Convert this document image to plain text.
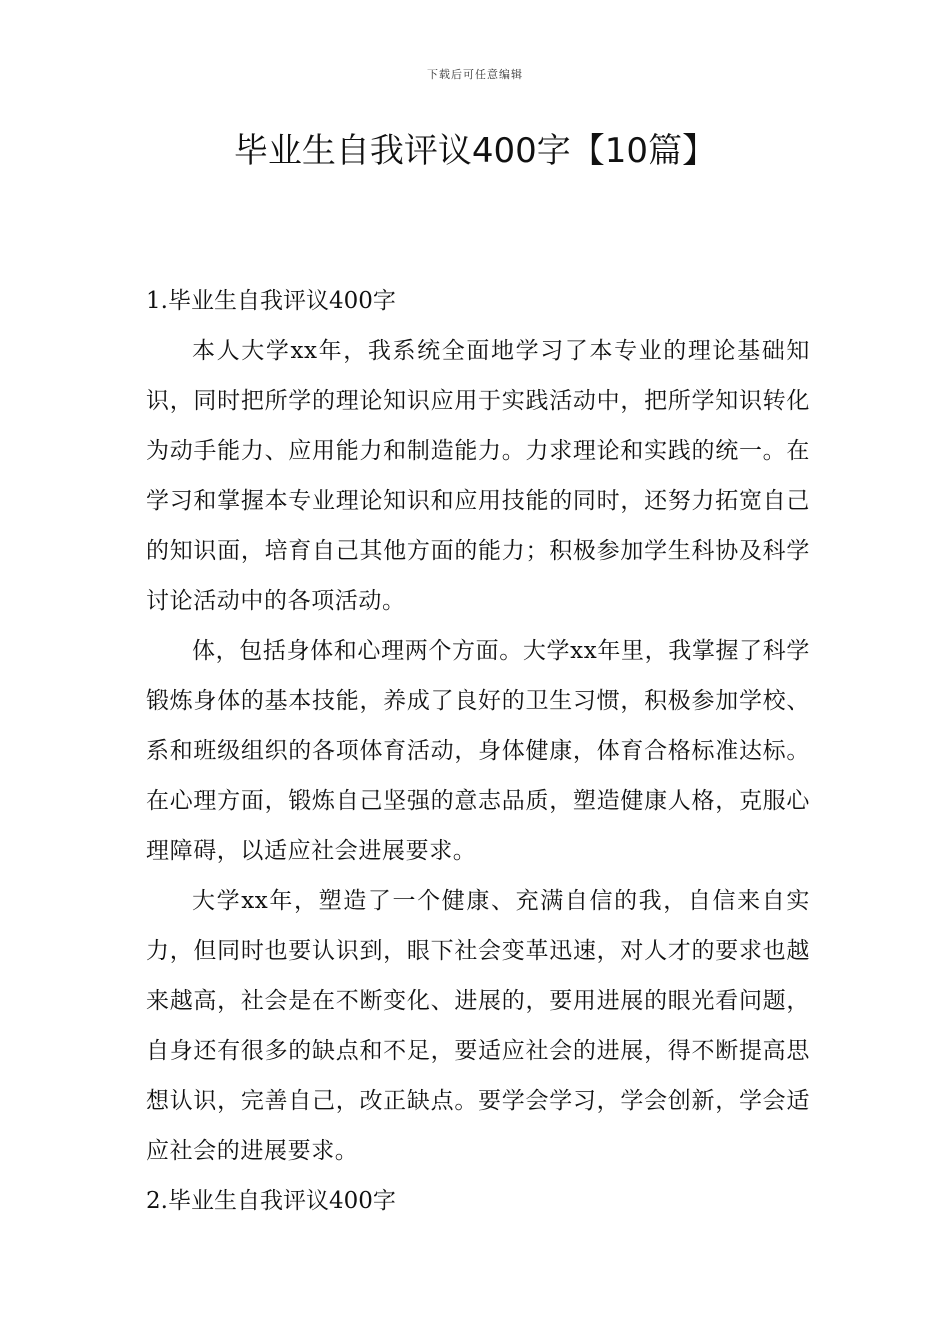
下载后可任意编辑
毕业生自我评议400字【10篇】

1.毕业生自我评议400字

本人大学xx年，我系统全面地学习了本专业的理论基础知识，同时把所学的理论知识应用于实践活动中，把所学知识转化为动手能力、应用能力和制造能力。力求理论和实践的统一。在学习和掌握本专业理论知识和应用技能的同时，还努力拓宽自己的知识面，培育自己其他方面的能力；积极参加学生科协及科学讨论活动中的各项活动。

体，包括身体和心理两个方面。大学xx年里，我掌握了科学锻炼身体的基本技能，养成了良好的卫生习惯，积极参加学校、系和班级组织的各项体育活动，身体健康，体育合格标准达标。在心理方面，锻炼自己坚强的意志品质，塑造健康人格，克服心理障碍，以适应社会进展要求。

大学xx年，塑造了一个健康、充满自信的我，自信来自实力，但同时也要认识到，眼下社会变革迅速，对人才的要求也越来越高，社会是在不断变化、进展的，要用进展的眼光看问题，自身还有很多的缺点和不足，要适应社会的进展，得不断提高思想认识，完善自己，改正缺点。要学会学习，学会创新，学会适应社会的进展要求。

2.毕业生自我评议400字
